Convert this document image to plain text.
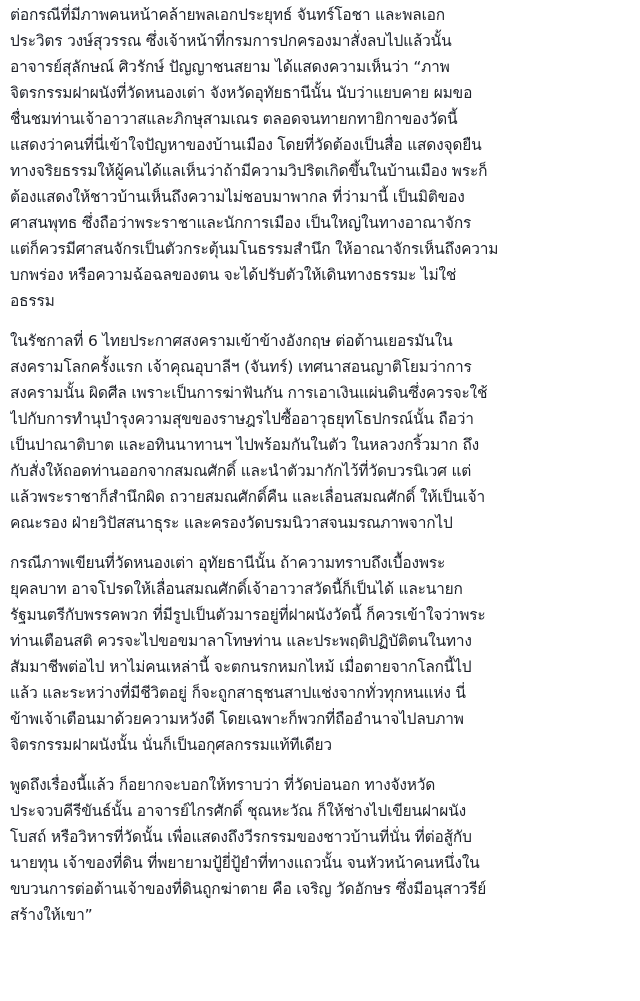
ต่อกรณีที่มีภาพคนหน้าคล้ายพลเอกประยุทธ์ จันทร์โอชา และพลเอก
ประวิตร วงษ์สุวรรณ ซึ่งเจ้าหน้าที่กรมการปกครองมาสั่งลบไปแล้วนั้น
อาจารย์สุลักษณ์ ศิวรักษ์ ปัญญาชนสยาม ได้แสดงความเห็นว่า “ภาพ
จิตรกรรมฝาผนังที่วัดหนองเต่า จังหวัดอุทัยธานีนั้น นับว่าแยบคาย ผมขอ
ชื่นชมท่านเจ้าอาวาสและภิกษุสามเณร ตลอดจนทายกทายิกาของวัดนี้
แสดงว่าคนที่นี่เข้าใจปัญหาของบ้านเมือง โดยที่วัดต้องเป็นสื่อ แสดงจุดยืน
ทางจริยธรรมให้ผู้คนได้แลเห็นว่าถ้ามีความวิปริตเกิดขึ้นในบ้านเมือง พระก็
ต้องแสดงให้ชาวบ้านเห็นถึงความไม่ชอบมาพากล ที่ว่ามานี้ เป็นมิติของ
ศาสนพุทธ ซึ่งถือว่าพระราชาและนักการเมือง เป็นใหญ่ในทางอาณาจักร
แต่ก็ควรมีศาสนจักรเป็นตัวกระตุ้นมโนธรรมสำนึก ให้อาณาจักรเห็นถึงความ
บกพร่อง หรือความฉ้อฉลของตน จะได้ปรับตัวให้เดินทางธรรมะ ไม่ใช่
อธรรม
ในรัชกาลที่ 6 ไทยประกาศสงครามเข้าข้างอังกฤษ ต่อต้านเยอรมันใน
สงครามโลกครั้งแรก เจ้าคุณอุบาลีฯ (จันทร์) เทศนาสอนญาติโยมว่าการ
สงครามนั้น ผิดศีล เพราะเป็นการฆ่าฟันกัน การเอาเงินแผ่นดินซึ่งควรจะใช้
ไปกับการทำนุบำรุงความสุขของราษฎรไปซื้ออาวุธยุทโธปกรณ์นั้น ถือว่า
เป็นปาณาติบาต และอทินนาทานฯ ไปพร้อมกันในตัว ในหลวงกริ้วมาก ถึง
กับสั่งให้ถอดท่านออกจากสมณศักดิ์ และนำตัวมากักไว้ที่วัดบวรนิเวศ แต่
แล้วพระราชาก็สำนึกผิด ถวายสมณศักดิ์คืน และเลื่อนสมณศักดิ์ ให้เป็นเจ้า
คณะรอง ฝ่ายวิปัสสนาธุระ และครองวัดบรมนิวาสจนมรณภาพจากไป
กรณีภาพเขียนที่วัดหนองเต่า อุทัยธานีนั้น ถ้าความทราบถึงเบื้องพระ
ยุคลบาท อาจโปรดให้เลื่อนสมณศักดิ์เจ้าอาวาสวัดนี้ก็เป็นได้ และนายก
รัฐมนตรีกับพรรคพวก ที่มีรูปเป็นตัวมารอยู่ที่ฝาผนังวัดนี้ ก็ควรเข้าใจว่าพระ
ท่านเตือนสติ ควรจะไปขอขมาลาโทษท่าน และประพฤติปฏิบัติตนในทาง
สัมมาชีพต่อไป หาไม่คนเหล่านี้ จะตกนรกหมกไหม้ เมื่อตายจากโลกนี้ไป
แล้ว และระหว่างที่มีชีวิตอยู่ ก็จะถูกสาธุชนสาปแช่งจากทั่วทุกหนแห่ง นี่
ข้าพเจ้าเตือนมาด้วยความหวังดี โดยเฉพาะก็พวกที่ถืออำนาจไปลบภาพ
จิตรกรรมฝาผนังนั้น นั่นก็เป็นอกุศลกรรมแท้ทีเดียว
พูดถึงเรื่องนี้แล้ว ก็อยากจะบอกให้ทราบว่า ที่วัดบ่อนอก ทางจังหวัด
ประจวบคีรีขันธ์นั้น อาจารย์ไกรศักดิ์ ชุณหะวัณ ก็ให้ช่างไปเขียนฝาผนัง
โบสถ์ หรือวิหารที่วัดนั้น เพื่อแสดงถึงวีรกรรมของชาวบ้านที่นั่น ที่ต่อสู้กับ
นายทุน เจ้าของที่ดิน ที่พยายามปู้ยี่ปู้ยำที่ทางแถวนั้น จนหัวหน้าคนหนึ่งใน
ขบวนการต่อต้านเจ้าของที่ดินถูกฆ่าตาย คือ เจริญ วัดอักษร ซึ่งมีอนุสาวรีย์
สร้างให้เขา”
